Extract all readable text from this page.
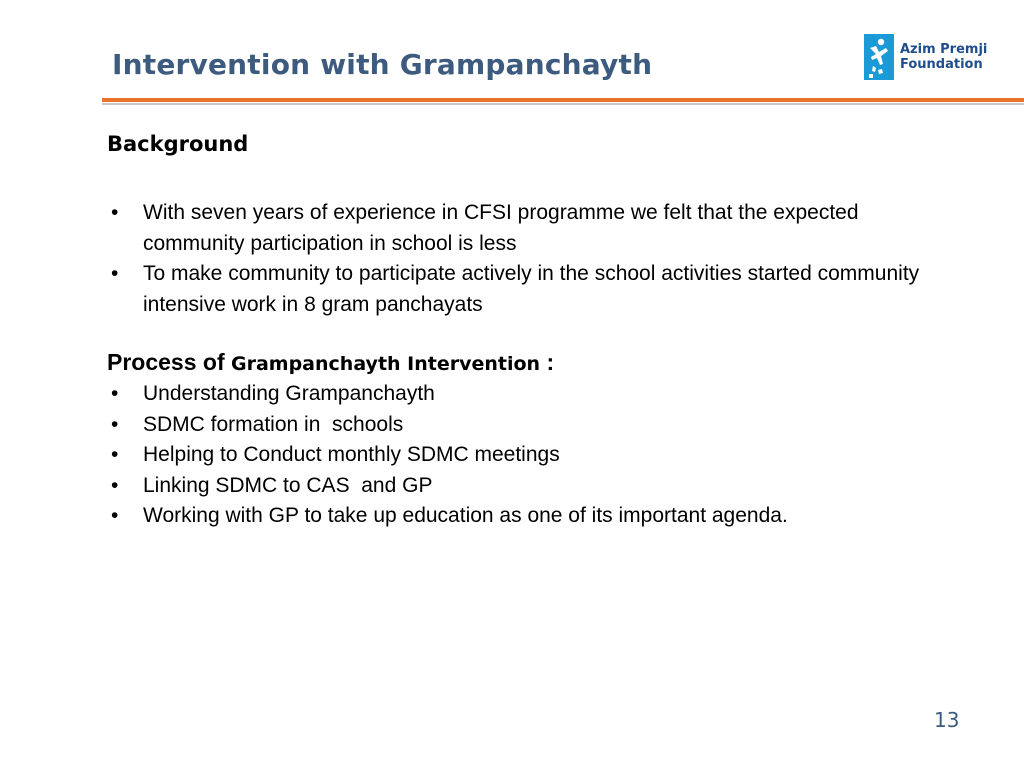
Intervention with Grampanchayth	Azim Premji
Foundation
Background
• With seven years of experience in CFSI programme we felt that the expected community participation in school is less
• To make community to participate actively in the school activities started community intensive work in 8 gram panchayats
Process of Grampanchayth Intervention :
• Understanding Grampanchayth
• SDMC formation in  schools
• Helping to Conduct monthly SDMC meetings
• Linking SDMC to CAS  and GP
• Working with GP to take up education as one of its important agenda.
13
